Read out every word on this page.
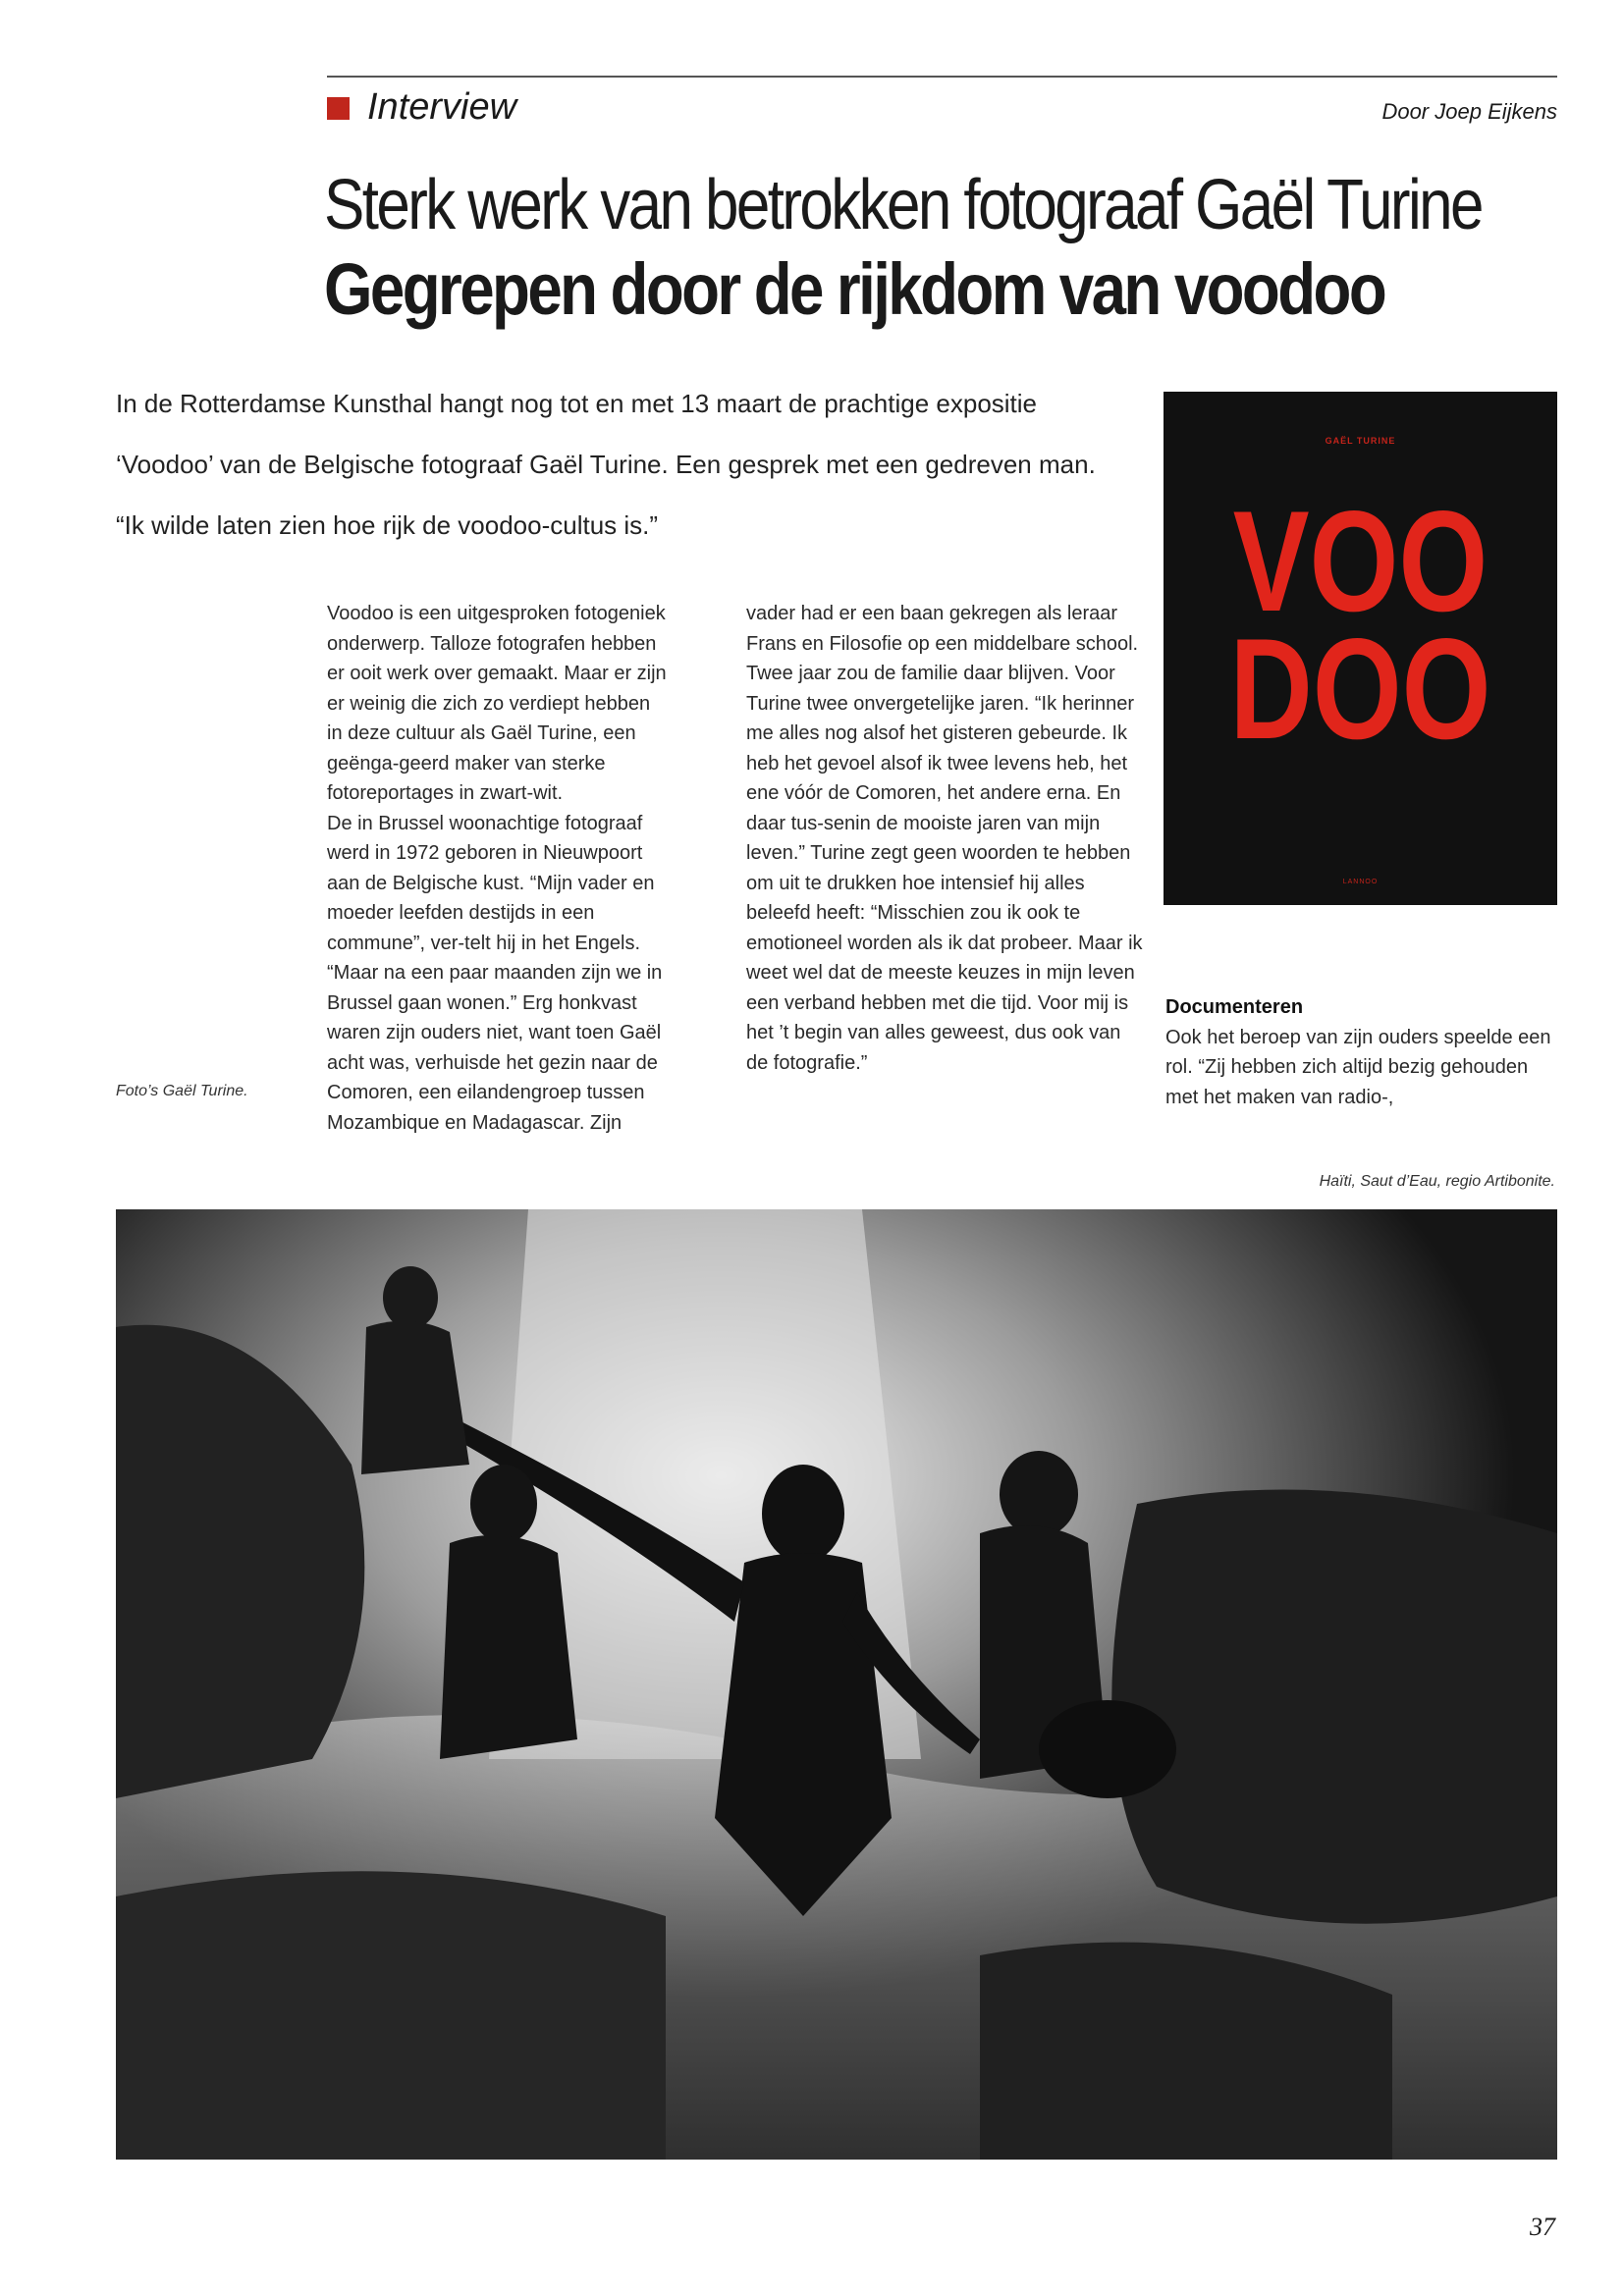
Interview	Door Joep Eijkens
Sterk werk van betrokken fotograaf Gaël Turine
Gegrepen door de rijkdom van voodoo

In de Rotterdamse Kunsthal hangt nog tot en met 13 maart de prachtige expositie

‘Voodoo’ van de Belgische fotograaf Gaël Turine. Een gesprek met een gedreven man.

“Ik wilde laten zien hoe rijk de voodoo-cultus is.”

GAËL TURINE
VOO
DOO
LANNOO

Voodoo is een uitgesproken fotogeniek onderwerp. Talloze fotografen hebben er ooit werk over gemaakt. Maar er zijn er weinig die zich zo verdiept hebben in deze cultuur als Gaël Turine, een geënga-geerd maker van sterke fotoreportages in zwart-wit.

De in Brussel woonachtige fotograaf werd in 1972 geboren in Nieuwpoort aan de Belgische kust. “Mijn vader en moeder leefden destijds in een commune”, ver-telt hij in het Engels. “Maar na een paar maanden zijn we in Brussel gaan wonen.” Erg honkvast waren zijn ouders niet, want toen Gaël acht was, verhuisde het gezin naar de Comoren, een eilandengroep tussen Mozambique en Madagascar. Zijn

vader had er een baan gekregen als leraar Frans en Filosofie op een middelbare school. Twee jaar zou de familie daar blijven. Voor Turine twee onvergetelijke jaren. “Ik herinner me alles nog alsof het gisteren gebeurde. Ik heb het gevoel alsof ik twee levens heb, het ene vóór de Comoren, het andere erna. En daar tus-senin de mooiste jaren van mijn leven.” Turine zegt geen woorden te hebben om uit te drukken hoe intensief hij alles beleefd heeft: “Misschien zou ik ook te emotioneel worden als ik dat probeer. Maar ik weet wel dat de meeste keuzes in mijn leven een verband hebben met die tijd. Voor mij is het ’t begin van alles geweest, dus ook van de fotografie.”

Documenteren

Ook het beroep van zijn ouders speelde een rol. “Zij hebben zich altijd bezig gehouden met het maken van radio-,

Foto’s Gaël Turine.
Haïti, Saut d’Eau, regio Artibonite.
37
